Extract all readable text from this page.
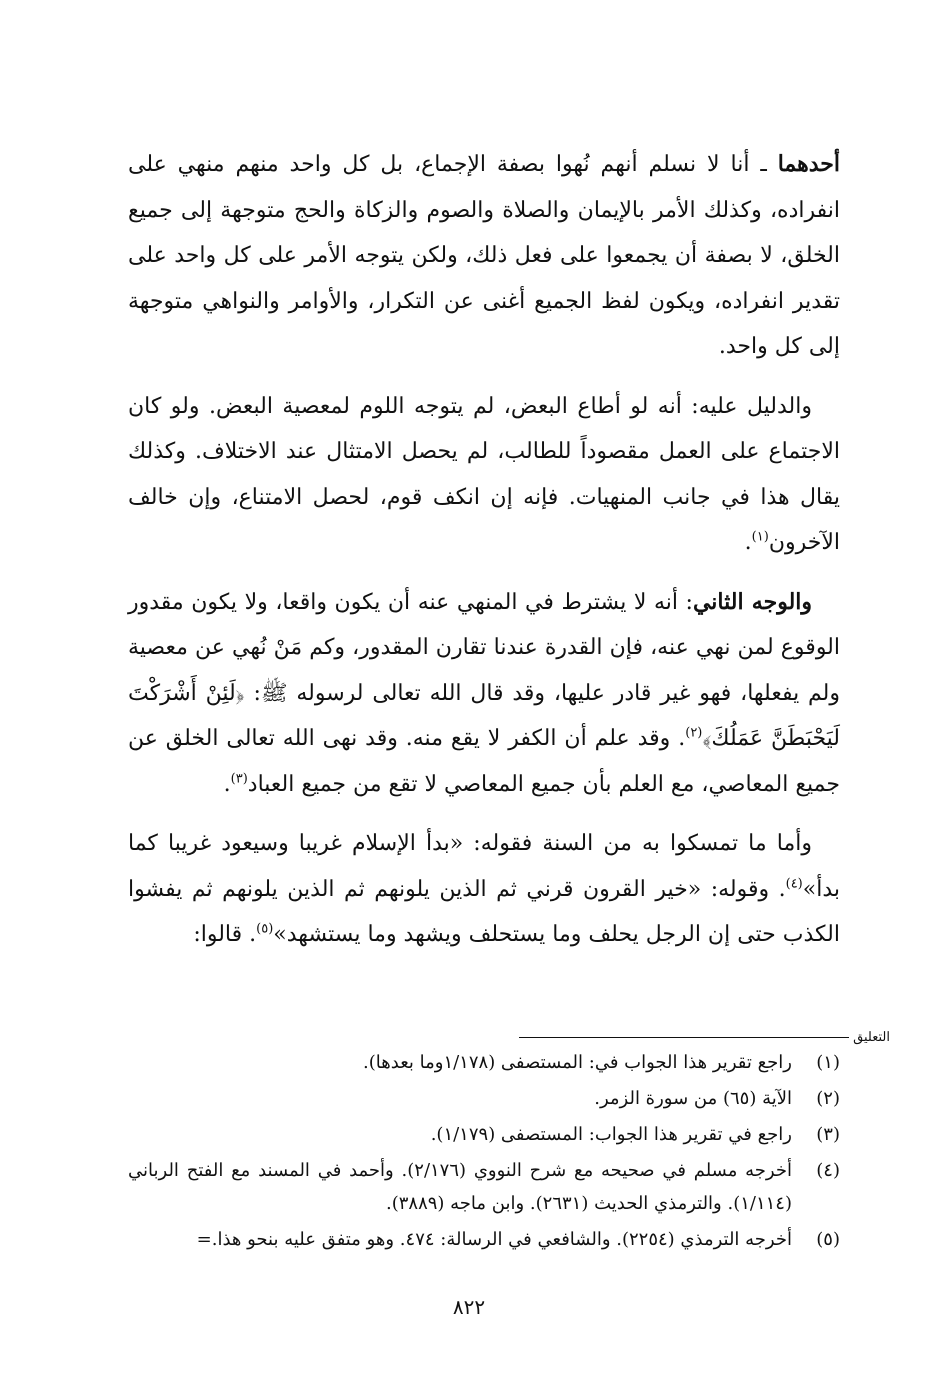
أحدهما ـ أنا لا نسلم أنهم نُهوا بصفة الإجماع، بل كل واحد منهم منهي على انفراده، وكذلك الأمر بالإيمان والصلاة والصوم والزكاة والحج متوجهة إلى جميع الخلق، لا بصفة أن يجمعوا على فعل ذلك، ولكن يتوجه الأمر على كل واحد على تقدير انفراده، ويكون لفظ الجميع أغنى عن التكرار، والأوامر والنواهي متوجهة إلى كل واحد.

والدليل عليه: أنه لو أطاع البعض، لم يتوجه اللوم لمعصية البعض. ولو كان الاجتماع على العمل مقصوداً للطالب، لم يحصل الامتثال عند الاختلاف. وكذلك يقال هذا في جانب المنهيات. فإنه إن انكف قوم، لحصل الامتناع، وإن خالف الآخرون$^{(١)}$.

والوجه الثاني: أنه لا يشترط في المنهي عنه أن يكون واقعا، ولا يكون مقدور الوقوع لمن نهي عنه، فإن القدرة عندنا تقارن المقدور، وكم مَنْ نُهي عن معصية ولم يفعلها، فهو غير قادر عليها، وقد قال الله تعالى لرسوله ﷺ: ﴿لَئِنْ أَشْرَكْتَ لَيَحْبَطَنَّ عَمَلُكَ﴾$^{(٢)}$. وقد علم أن الكفر لا يقع منه. وقد نهى الله تعالى الخلق عن جميع المعاصي، مع العلم بأن جميع المعاصي لا تقع من جميع العباد$^{(٣)}$.

وأما ما تمسكوا به من السنة فقوله: «بدأ الإسلام غريبا وسيعود غريبا كما بدأ»$^{(٤)}$. وقوله: «خير القرون قرني ثم الذين يلونهم ثم الذين يلونهم ثم يفشوا الكذب حتى إن الرجل يحلف وما يستحلف ويشهد وما يستشهد»$^{(٥)}$. قالوا:

التعليق
(١)
راجع تقرير هذا الجواب في: المستصفى (١/١٧٨وما بعدها).
(٢)
الآية (٦٥) من سورة الزمر.
(٣)
راجع في تقرير هذا الجواب: المستصفى (١/١٧٩).
(٤)
أخرجه مسلم في صحيحه مع شرح النووي (٢/١٧٦). وأحمد في المسند مع الفتح الرباني (١/١١٤). والترمذي الحديث (٢٦٣١). وابن ماجه (٣٨٨٩).
(٥)
أخرجه الترمذي (٢٢٥٤). والشافعي في الرسالة: ٤٧٤. وهو متفق عليه بنحو هذا.=
٨٢٢
